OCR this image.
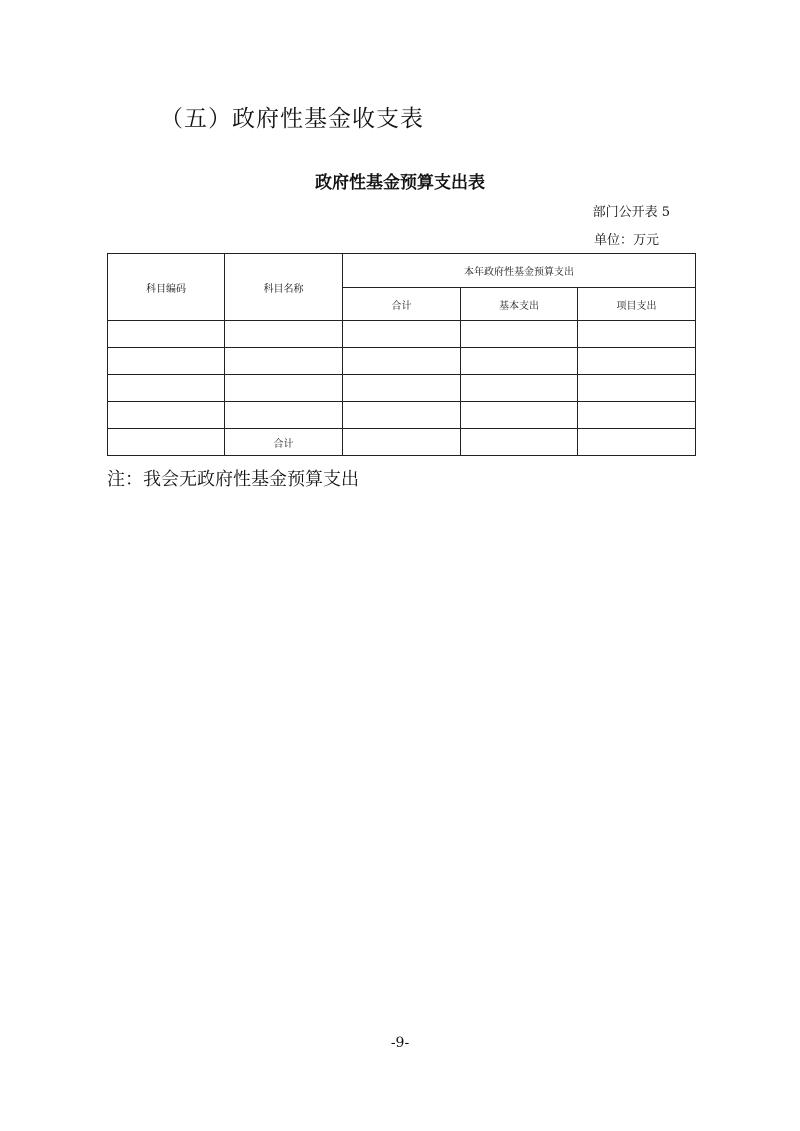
（五）政府性基金收支表
政府性基金预算支出表
部门公开表 5
单位：万元
科目编码	科目名称	本年政府性基金预算支出		
		合计	基本支出	项目支出

	合计			
注：我会无政府性基金预算支出
-9-
